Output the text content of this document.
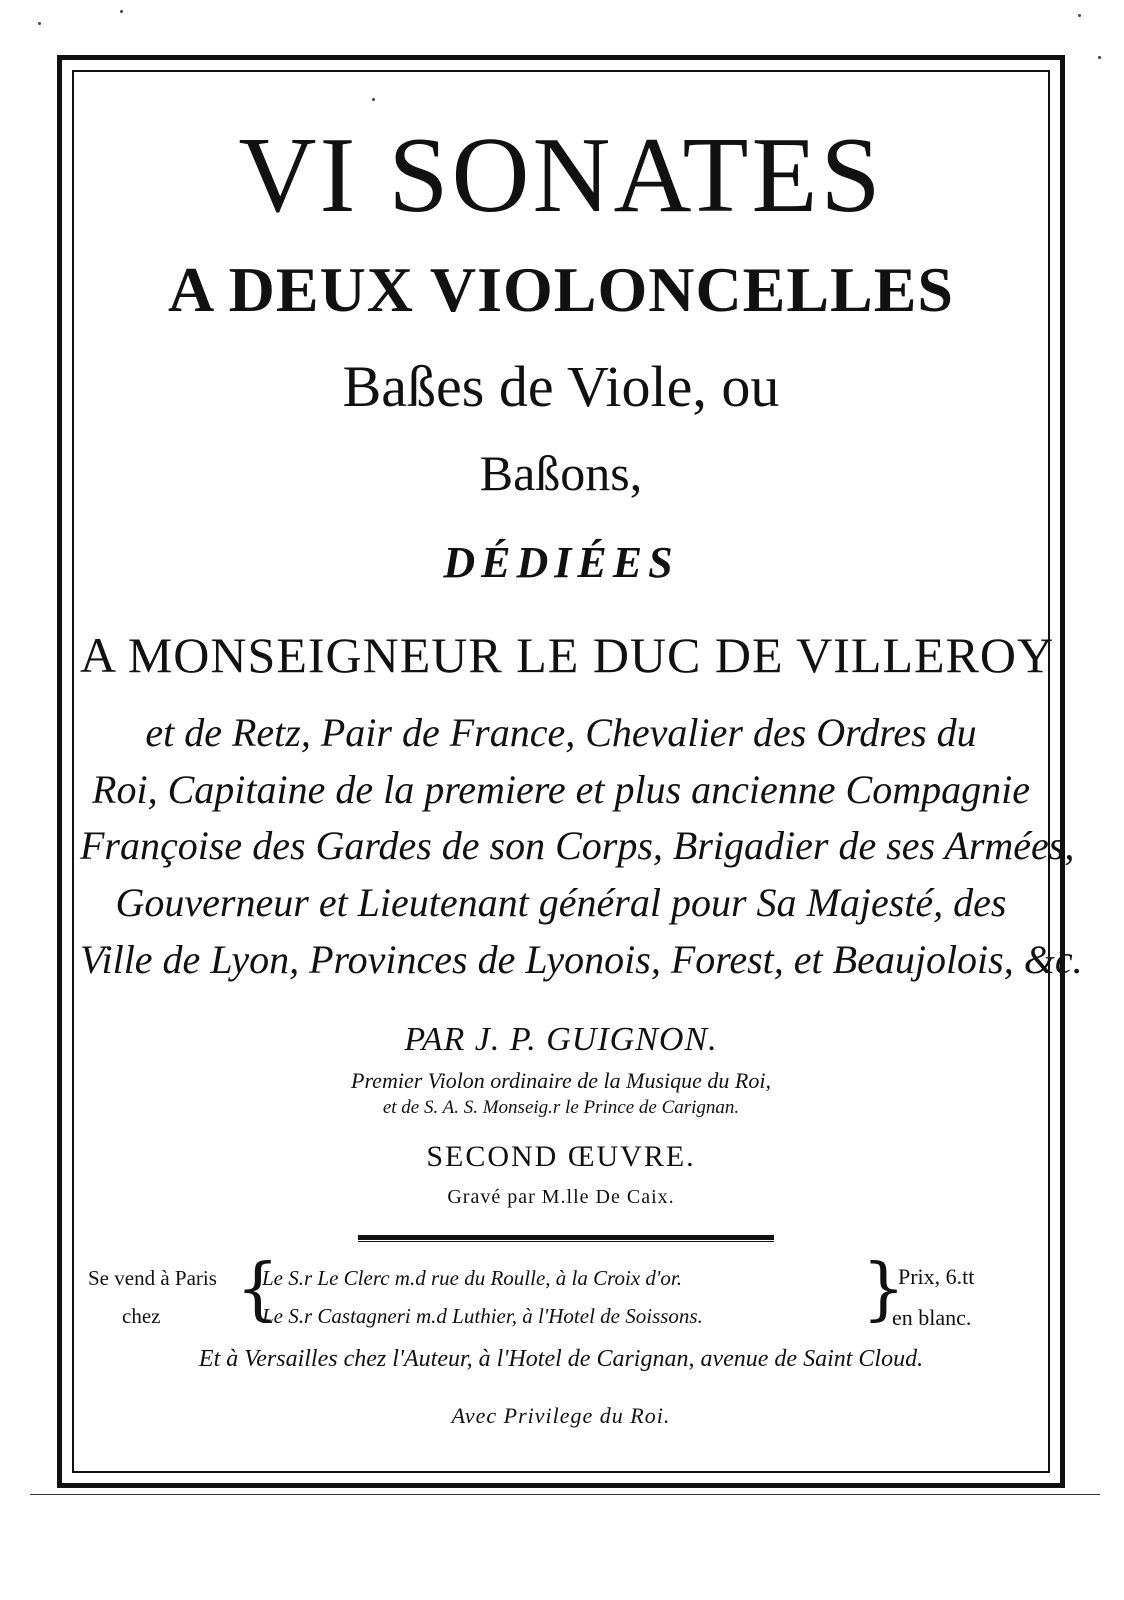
VI SONATES
A DEUX VIOLONCELLES
Baßes de Viole, ou
Baßons,
DÉDIÉES
A MONSEIGNEUR LE DUC DE VILLEROY
et de Retz, Pair de France, Chevalier des Ordres du
Roi, Capitaine de la premiere et plus ancienne Compagnie
Françoise des Gardes de son Corps, Brigadier de ses Armées,
Gouverneur et Lieutenant général pour Sa Majesté, des
Ville de Lyon, Provinces de Lyonois, Forest, et Beaujolois, &c.
PAR J. P. GUIGNON.
Premier Violon ordinaire de la Musique du Roi,
et de S. A. S. Monseig.r le Prince de Carignan.
SECOND ŒUVRE.
Gravé par M.lle De Caix.
Se vend à Paris
chez {
Le S.r Le Clerc m.d rue du Roulle, à la Croix d'or.
Le S.r Castagneri m.d Luthier, à l'Hotel de Soissons.	}
Prix, 6.tt
en blanc.
Et à Versailles chez l'Auteur, à l'Hotel de Carignan, avenue de Saint Cloud.
Avec Privilege du Roi.
